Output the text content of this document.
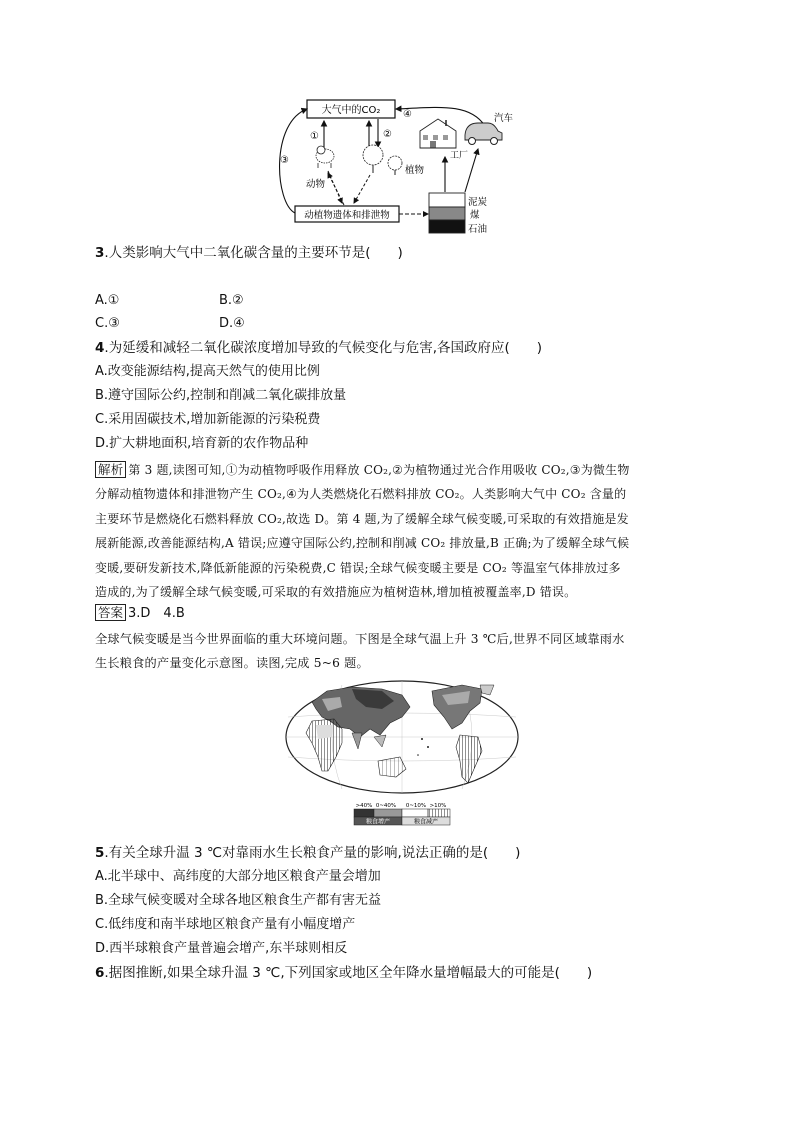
大气中的CO₂
动植物遗体和排泄物
③
①	②
④
动物
植物
工厂
汽车
泥炭
煤
石油
3.人类影响大气中二氧化碳含量的主要环节是(　　)
A.①	B.②
C.③	D.④
4.为延缓和减轻二氧化碳浓度增加导致的气候变化与危害,各国政府应(　　)
A.改变能源结构,提高天然气的使用比例
B.遵守国际公约,控制和削减二氧化碳排放量
C.采用固碳技术,增加新能源的污染税费
D.扩大耕地面积,培育新的农作物品种
解析 第 3 题,读图可知,①为动植物呼吸作用释放 CO₂,②为植物通过光合作用吸收 CO₂,③为微生物
分解动植物遗体和排泄物产生 CO₂,④为人类燃烧化石燃料排放 CO₂。人类影响大气中 CO₂ 含量的
主要环节是燃烧化石燃料释放 CO₂,故选 D。第 4 题,为了缓解全球气候变暖,可采取的有效措施是发
展新能源,改善能源结构,A 错误;应遵守国际公约,控制和削减 CO₂ 排放量,B 正确;为了缓解全球气候
变暖,要研发新技术,降低新能源的污染税费,C 错误;全球气候变暖主要是 CO₂ 等温室气体排放过多
造成的,为了缓解全球气候变暖,可采取的有效措施应为植树造林,增加植被覆盖率,D 错误。
答案 3.D　4.B
全球气候变暖是当今世界面临的重大环境问题。下图是全球气温上升 3 ℃后,世界不同区域靠雨水
生长粮食的产量变化示意图。读图,完成 5~6 题。
>40% 0~40% 0~10% >10%
粮食增产	粮食减产
5.有关全球升温 3 ℃对靠雨水生长粮食产量的影响,说法正确的是(　　)
A.北半球中、高纬度的大部分地区粮食产量会增加
B.全球气候变暖对全球各地区粮食生产都有害无益
C.低纬度和南半球地区粮食产量有小幅度增产
D.西半球粮食产量普遍会增产,东半球则相反
6.据图推断,如果全球升温 3 ℃,下列国家或地区全年降水量增幅最大的可能是(　　)
